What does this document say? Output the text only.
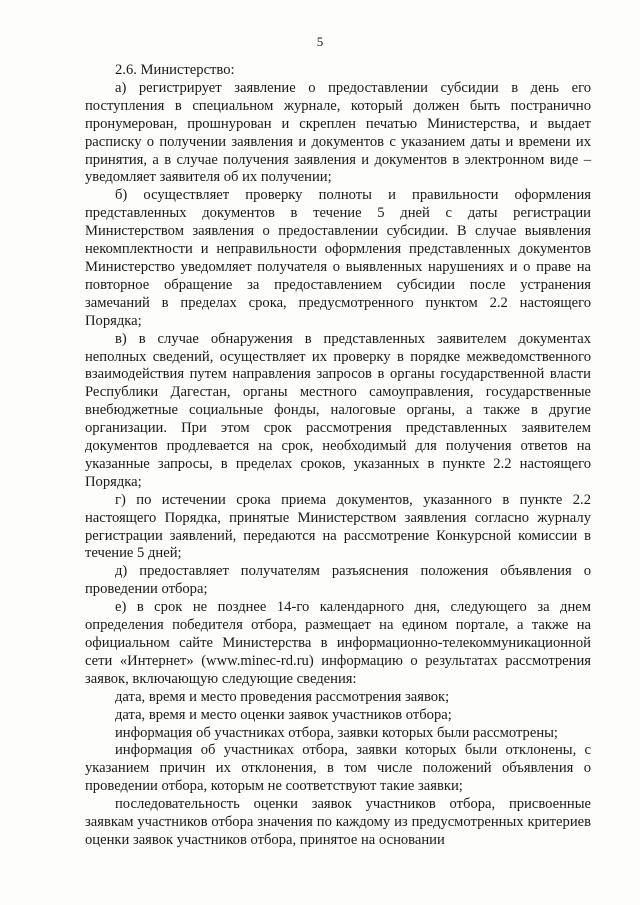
5

2.6. Министерство:

а) регистрирует заявление о предоставлении субсидии в день его поступления в специальном журнале, который должен быть постранично пронумерован, прошнурован и скреплен печатью Министерства, и выдает расписку о получении заявления и документов с указанием даты и времени их принятия, а в случае получения заявления и документов в электронном виде – уведомляет заявителя об их получении;

б) осуществляет проверку полноты и правильности оформления представленных документов в течение 5 дней с даты регистрации Министерством заявления о предоставлении субсидии. В случае выявления некомплектности и неправильности оформления представленных документов Министерство уведомляет получателя о выявленных нарушениях и о праве на повторное обращение за предоставлением субсидии после устранения замечаний в пределах срока, предусмотренного пунктом 2.2 настоящего Порядка;

в) в случае обнаружения в представленных заявителем документах неполных сведений, осуществляет их проверку в порядке межведомственного взаимодействия путем направления запросов в органы государственной власти Республики Дагестан, органы местного самоуправления, государственные внебюджетные социальные фонды, налоговые органы, а также в другие организации. При этом срок рассмотрения представленных заявителем документов продлевается на срок, необходимый для получения ответов на указанные запросы, в пределах сроков, указанных в пункте 2.2 настоящего Порядка;

г) по истечении срока приема документов, указанного в пункте 2.2 настоящего Порядка, принятые Министерством заявления согласно журналу регистрации заявлений, передаются на рассмотрение Конкурсной комиссии в течение 5 дней;

д) предоставляет получателям разъяснения положения объявления о проведении отбора;

е) в срок не позднее 14-го календарного дня, следующего за днем определения победителя отбора, размещает на едином портале, а также на официальном сайте Министерства в информационно-телекоммуникационной сети «Интернет» (www.minec-rd.ru) информацию о результатах рассмотрения заявок, включающую следующие сведения:

дата, время и место проведения рассмотрения заявок;

дата, время и место оценки заявок участников отбора;

информация об участниках отбора, заявки которых были рассмотрены;

информация об участниках отбора, заявки которых были отклонены, с указанием причин их отклонения, в том числе положений объявления о проведении отбора, которым не соответствуют такие заявки;

последовательность оценки заявок участников отбора, присвоенные заявкам участников отбора значения по каждому из предусмотренных критериев оценки заявок участников отбора, принятое на основании
